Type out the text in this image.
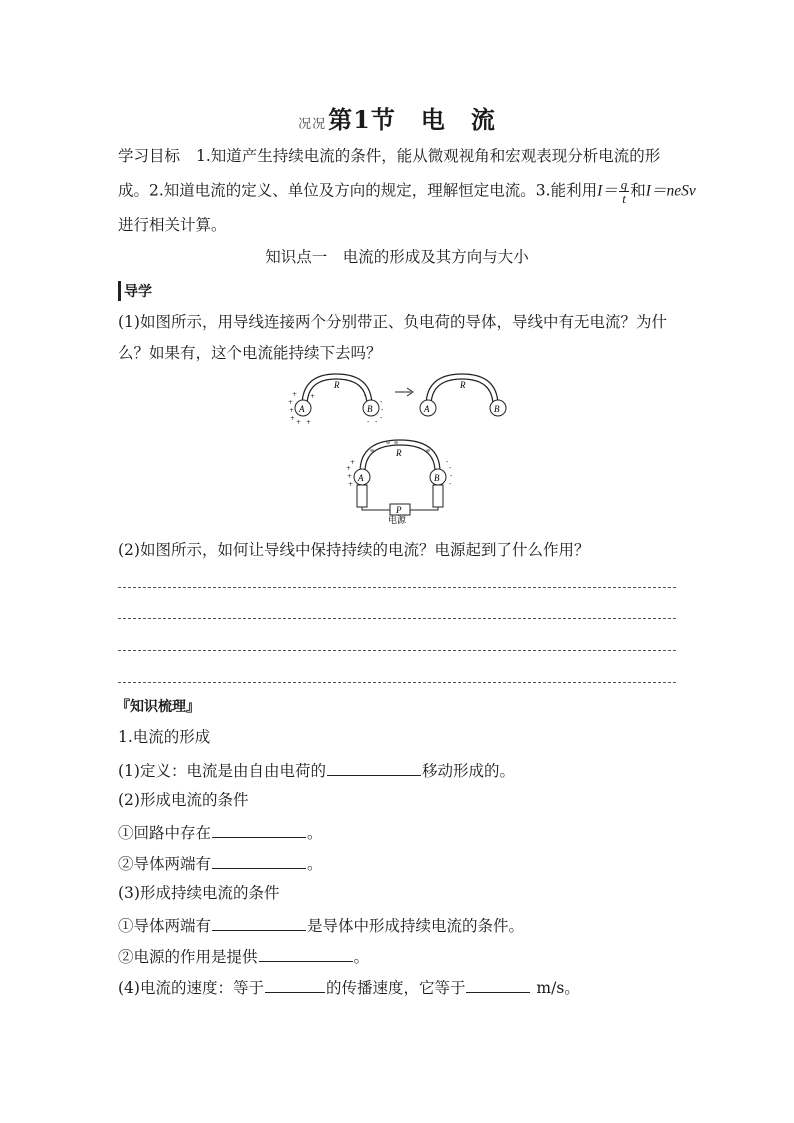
况况第1节　电　流
学习目标 1.知道产生持续电流的条件，能从微观视角和宏观表现分析电流的形
成。2.知道电流的定义、单位及方向的规定，理解恒定电流。3.能利用$I= \frac{q}{t}$ 和I＝neSv
进行相关计算。
知识点一　电流的形成及其方向与大小
导学
(1)如图所示，用导线连接两个分别带正、负电荷的导体，导线中有无电流？为什
么？如果有，这个电流能持续下去吗？
A	B
R
+
+
+
+ +
+
+
-
-
-
- -
-
A	B
R
⊖ ⊖
⊖	⊖
A	B
R
+
+
+
+
-
-
-
-
P
电源
(2)如图所示，如何让导线中保持持续的电流？电源起到了什么作用？
『知识梳理』
1.电流的形成
(1)定义：电流是由自由电荷的	移动形成的。
(2)形成电流的条件
①回路中存在	。
②导体两端有	。
(3)形成持续电流的条件
①导体两端有	是导体中形成持续电流的条件。
②电源的作用是提供	。
(4)电流的速度：等于	的传播速度，它等于	m/s。
